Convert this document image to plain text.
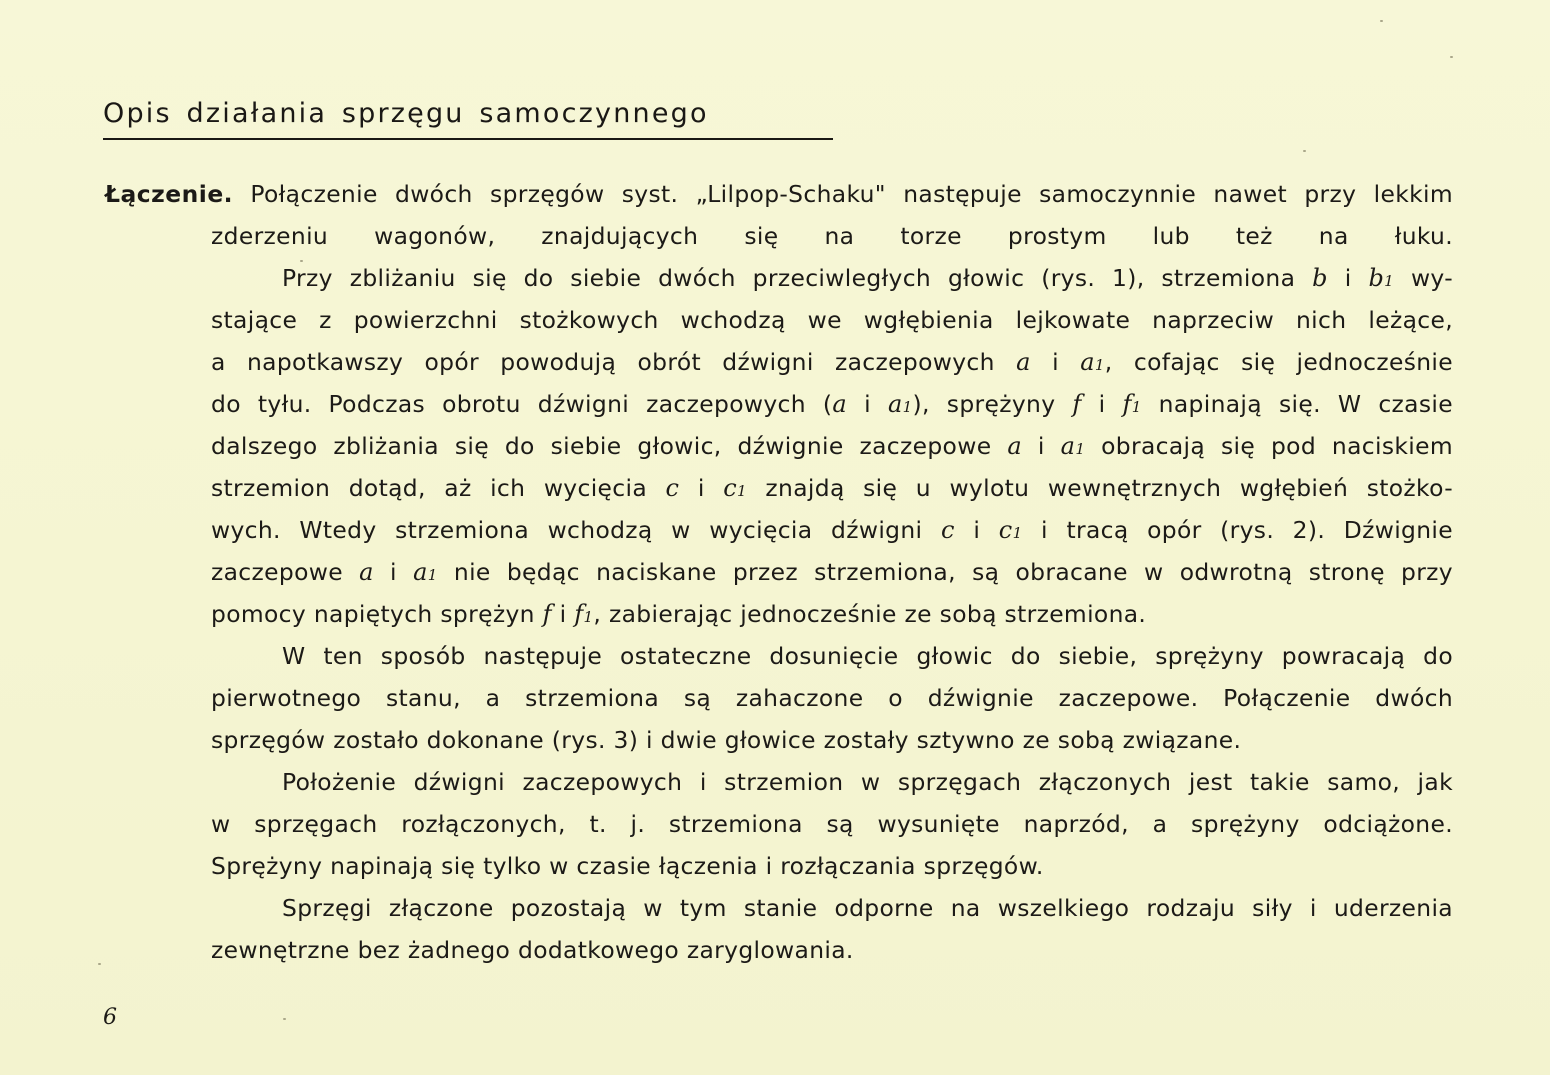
Opis działania sprzęgu samoczynnego
Łączenie. Połączenie dwóch sprzęgów syst. „Lilpop-Schaku" następuje samoczynnie nawet przy lekkim
zderzeniu wagonów, znajdujących się na torze prostym lub też na łuku.
Przy zbliżaniu się do siebie dwóch przeciwległych głowic (rys. 1), strzemiona b i b1 wy-
stające z powierzchni stożkowych wchodzą we wgłębienia lejkowate naprzeciw nich leżące,
a napotkawszy opór powodują obrót dźwigni zaczepowych a i a1, cofając się jednocześnie
do tyłu. Podczas obrotu dźwigni zaczepowych (a i a1), sprężyny f i f1 napinają się. W czasie
dalszego zbliżania się do siebie głowic, dźwignie zaczepowe a i a1 obracają się pod naciskiem
strzemion dotąd, aż ich wycięcia c i c1 znajdą się u wylotu wewnętrznych wgłębień stożko-
wych. Wtedy strzemiona wchodzą w wycięcia dźwigni c i c1 i tracą opór (rys. 2). Dźwignie
zaczepowe a i a1 nie będąc naciskane przez strzemiona, są obracane w odwrotną stronę przy
pomocy napiętych sprężyn f i f1, zabierając jednocześnie ze sobą strzemiona.
W ten sposób następuje ostateczne dosunięcie głowic do siebie, sprężyny powracają do
pierwotnego stanu, a strzemiona są zahaczone o dźwignie zaczepowe. Połączenie dwóch
sprzęgów zostało dokonane (rys. 3) i dwie głowice zostały sztywno ze sobą związane.
Położenie dźwigni zaczepowych i strzemion w sprzęgach złączonych jest takie samo, jak
w sprzęgach rozłączonych, t. j. strzemiona są wysunięte naprzód, a sprężyny odciążone.
Sprężyny napinają się tylko w czasie łączenia i rozłączania sprzęgów.
Sprzęgi złączone pozostają w tym stanie odporne na wszelkiego rodzaju siły i uderzenia
zewnętrzne bez żadnego dodatkowego zaryglowania.
6
